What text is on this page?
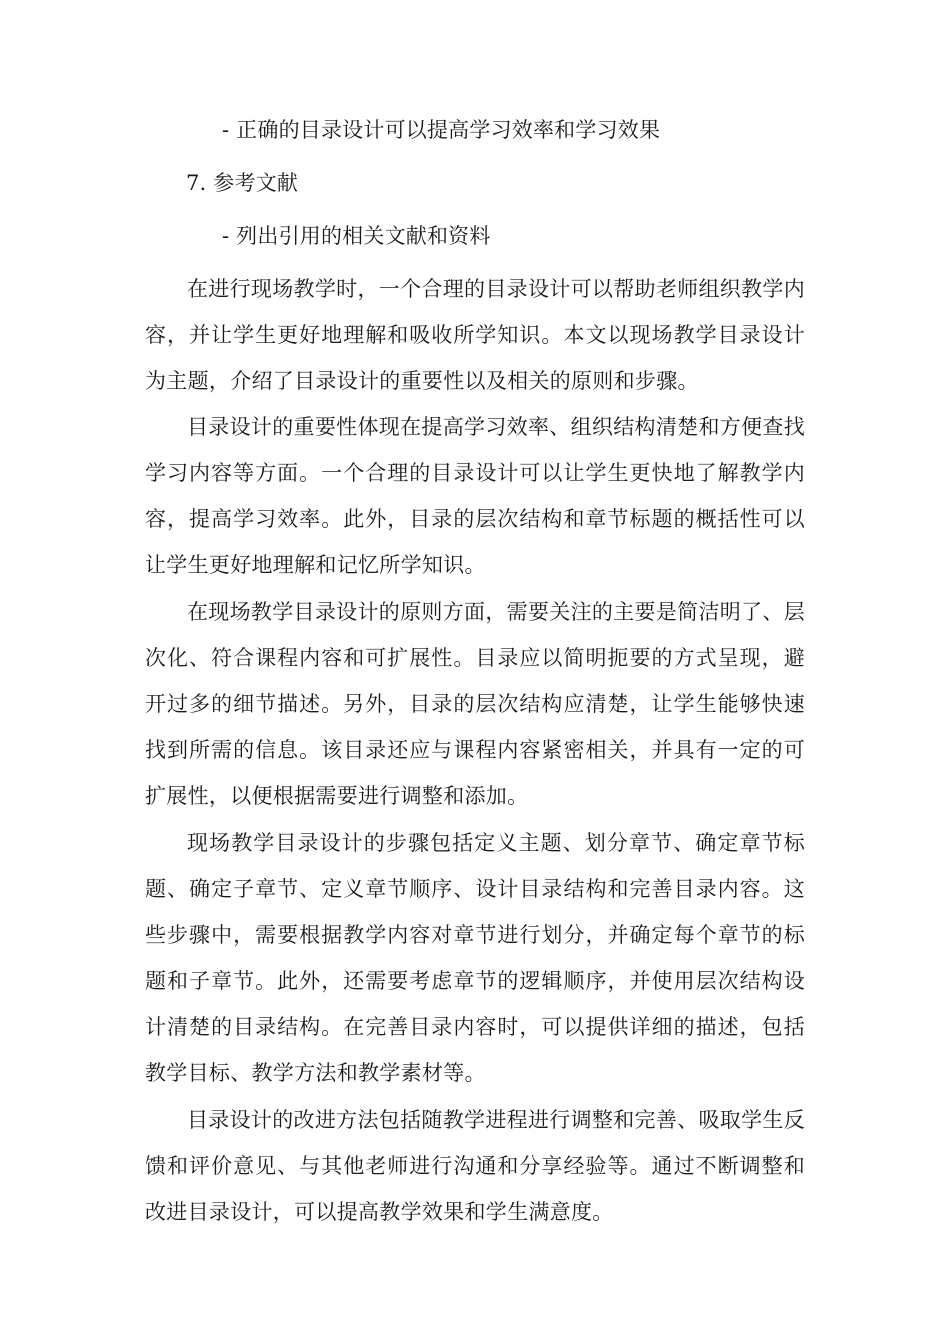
- 正确的目录设计可以提高学习效率和学习效果
7. 参考文献
- 列出引用的相关文献和资料

在进行现场教学时，一个合理的目录设计可以帮助老师组织教学内容，并让学生更好地理解和吸收所学知识。本文以现场教学目录设计为主题，介绍了目录设计的重要性以及相关的原则和步骤。

目录设计的重要性体现在提高学习效率、组织结构清楚和方便查找学习内容等方面。一个合理的目录设计可以让学生更快地了解教学内容，提高学习效率。此外，目录的层次结构和章节标题的概括性可以让学生更好地理解和记忆所学知识。

在现场教学目录设计的原则方面，需要关注的主要是简洁明了、层次化、符合课程内容和可扩展性。目录应以简明扼要的方式呈现，避开过多的细节描述。另外，目录的层次结构应清楚，让学生能够快速找到所需的信息。该目录还应与课程内容紧密相关，并具有一定的可扩展性，以便根据需要进行调整和添加。

现场教学目录设计的步骤包括定义主题、划分章节、确定章节标题、确定子章节、定义章节顺序、设计目录结构和完善目录内容。这些步骤中，需要根据教学内容对章节进行划分，并确定每个章节的标题和子章节。此外，还需要考虑章节的逻辑顺序，并使用层次结构设计清楚的目录结构。在完善目录内容时，可以提供详细的描述，包括教学目标、教学方法和教学素材等。

目录设计的改进方法包括随教学进程进行调整和完善、吸取学生反馈和评价意见、与其他老师进行沟通和分享经验等。通过不断调整和改进目录设计，可以提高教学效果和学生满意度。
